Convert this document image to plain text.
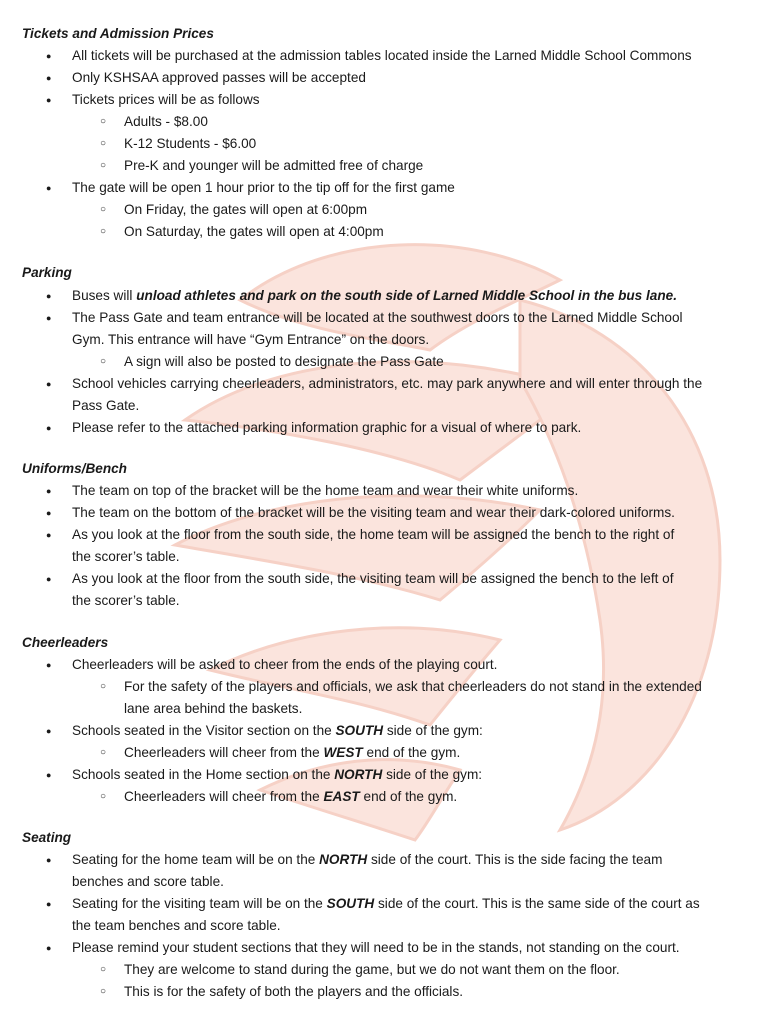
Tickets and Admission Prices
● All tickets will be purchased at the admission tables located inside the Larned Middle School Commons
● Only KSHSAA approved passes will be accepted
● Tickets prices will be as follows
○ Adults - $8.00
○ K-12 Students - $6.00
○ Pre-K and younger will be admitted free of charge
● The gate will be open 1 hour prior to the tip off for the first game
○ On Friday, the gates will open at 6:00pm
○ On Saturday, the gates will open at 4:00pm
Parking
● Buses will unload athletes and park on the south side of Larned Middle School in the bus lane.
● The Pass Gate and team entrance will be located at the southwest doors to the Larned Middle School
Gym. This entrance will have “Gym Entrance” on the doors.
○ A sign will also be posted to designate the Pass Gate
● School vehicles carrying cheerleaders, administrators, etc. may park anywhere and will enter through the
Pass Gate.
● Please refer to the attached parking information graphic for a visual of where to park.
Uniforms/Bench
● The team on top of the bracket will be the home team and wear their white uniforms.
● The team on the bottom of the bracket will be the visiting team and wear their dark-colored uniforms.
● As you look at the floor from the south side, the home team will be assigned the bench to the right of
the scorer’s table.
● As you look at the floor from the south side, the visiting team will be assigned the bench to the left of
the scorer’s table.
Cheerleaders
● Cheerleaders will be asked to cheer from the ends of the playing court.
○ For the safety of the players and officials, we ask that cheerleaders do not stand in the extended
lane area behind the baskets.
● Schools seated in the Visitor section on the SOUTH side of the gym:
○ Cheerleaders will cheer from the WEST end of the gym.
● Schools seated in the Home section on the NORTH side of the gym:
○ Cheerleaders will cheer from the EAST end of the gym.
Seating
● Seating for the home team will be on the NORTH side of the court. This is the side facing the team
benches and score table.
● Seating for the visiting team will be on the SOUTH side of the court. This is the same side of the court as
the team benches and score table.
● Please remind your student sections that they will need to be in the stands, not standing on the court.
○ They are welcome to stand during the game, but we do not want them on the floor.
○ This is for the safety of both the players and the officials.
